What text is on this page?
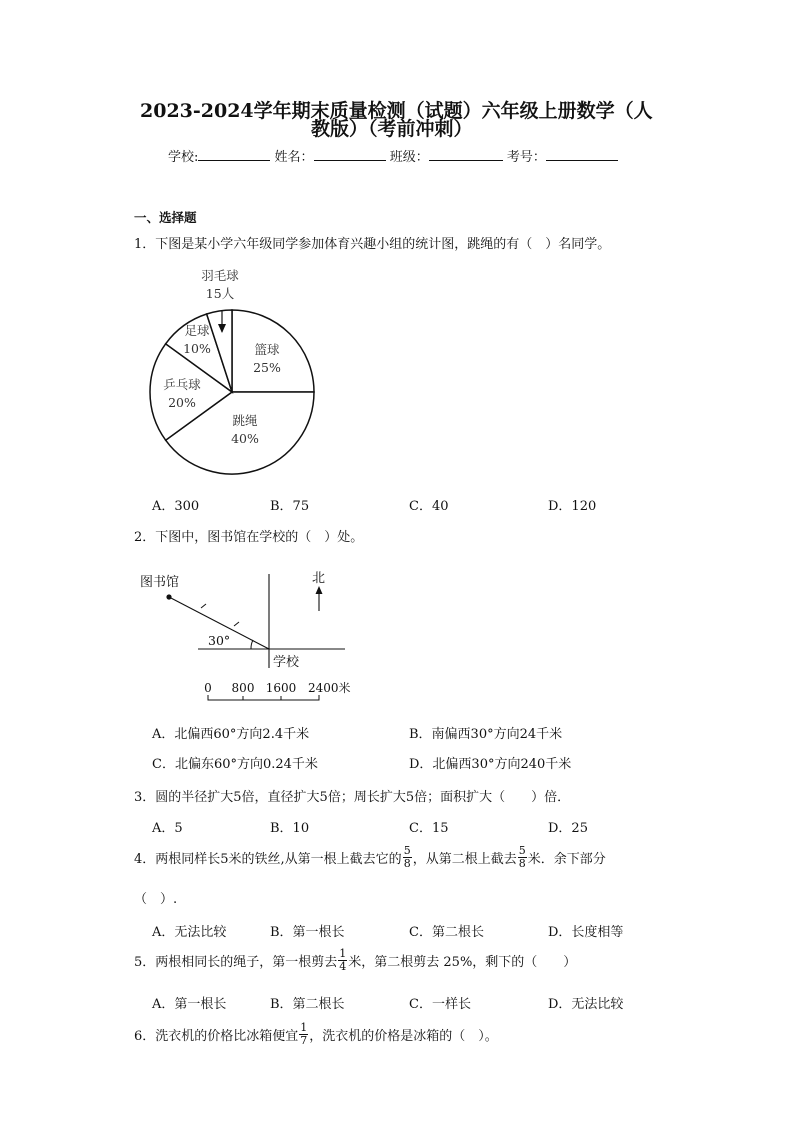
2023-2024学年期末质量检测（试题）六年级上册数学（人
教版）（考前冲刺）
学校:	姓名：	班级：	考号：
一、选择题
1．下图是某小学六年级同学参加体育兴趣小组的统计图，跳绳的有（　）名同学。
羽毛球
15人
篮球
25%
跳绳
40%
乒乓球
20%
足球
10%
A．300	B．75	C．40	D．120
2．下图中，图书馆在学校的（　）处。
图书馆
30°
学校
北
0 800 1600 2400米
A．北偏西60°方向2.4千米	B．南偏西30°方向24千米
C．北偏东60°方向0.24千米	D．北偏西30°方向240千米
3．圆的半径扩大5倍，直径扩大5倍；周长扩大5倍；面积扩大（　　）倍．
A．5	B．10	C．15	D．25
4．两根同样长5米的铁丝,从第一根上截去它的 $\frac{5}{8}$ ，从第二根上截去 $\frac{5}{8}$ 米．余下部分
（　）.
A．无法比较	B．第一根长	C．第二根长	D．长度相等
5．两根相同长的绳子，第一根剪去 $\frac{1}{4}$ 米，第二根剪去 25%，剩下的（　　）
A．第一根长	B．第二根长	C．一样长	D．无法比较
6．洗衣机的价格比冰箱便宜 $\frac{1}{7}$ ，洗衣机的价格是冰箱的（　）。
